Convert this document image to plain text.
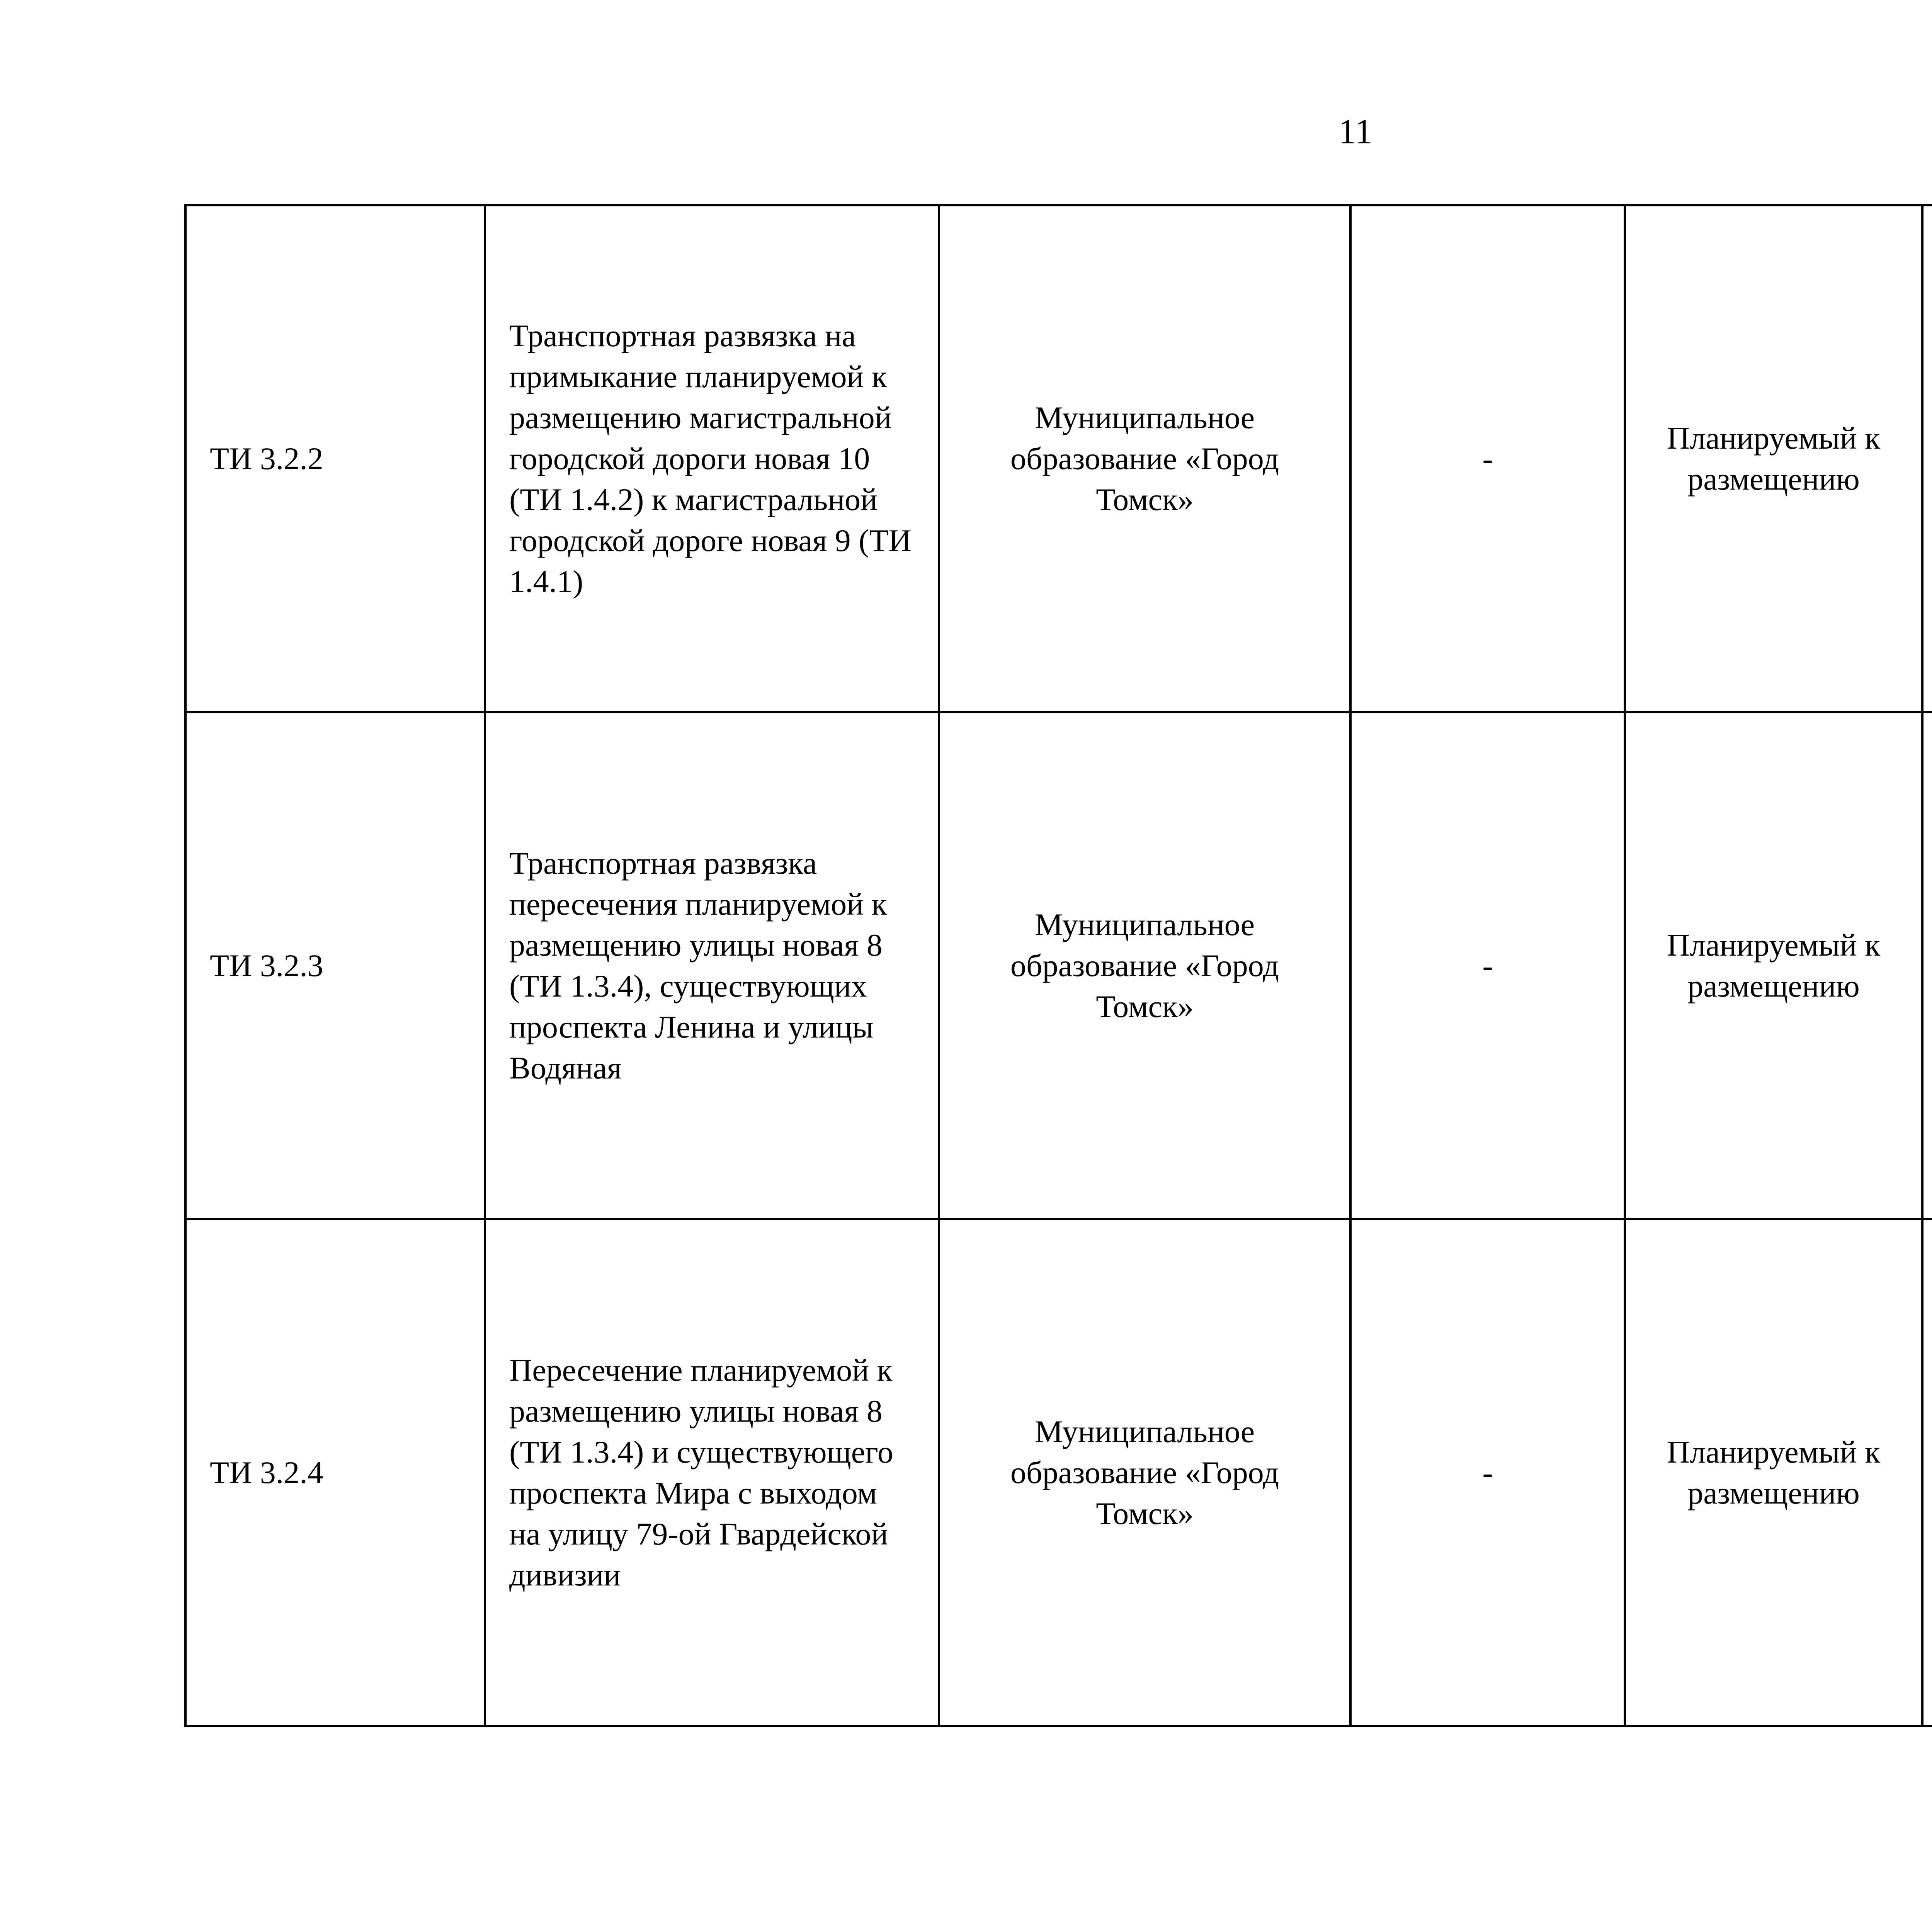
11
ТИ 3.2.2	Транспортная развязка на примыкание планируемой к размещению магистральной городской дороги новая 10 (ТИ 1.4.2) к магистральной городской дороге новая 9 (ТИ 1.4.1)	Муниципальное образование «Город Томск»	-	Планируемый к размещению		
ТИ 3.2.3	Транспортная развязка пересечения планируемой к размещению улицы новая 8 (ТИ 1.3.4), существующих проспекта Ленина и улицы Водяная	Муниципальное образование «Город Томск»	-	Планируемый к размещению		
ТИ 3.2.4	Пересечение планируемой к размещению улицы новая 8 (ТИ 1.3.4) и существующего проспекта Мира с выходом на улицу 79-ой Гвардейской дивизии	Муниципальное образование «Город Томск»	-	Планируемый к размещению		
